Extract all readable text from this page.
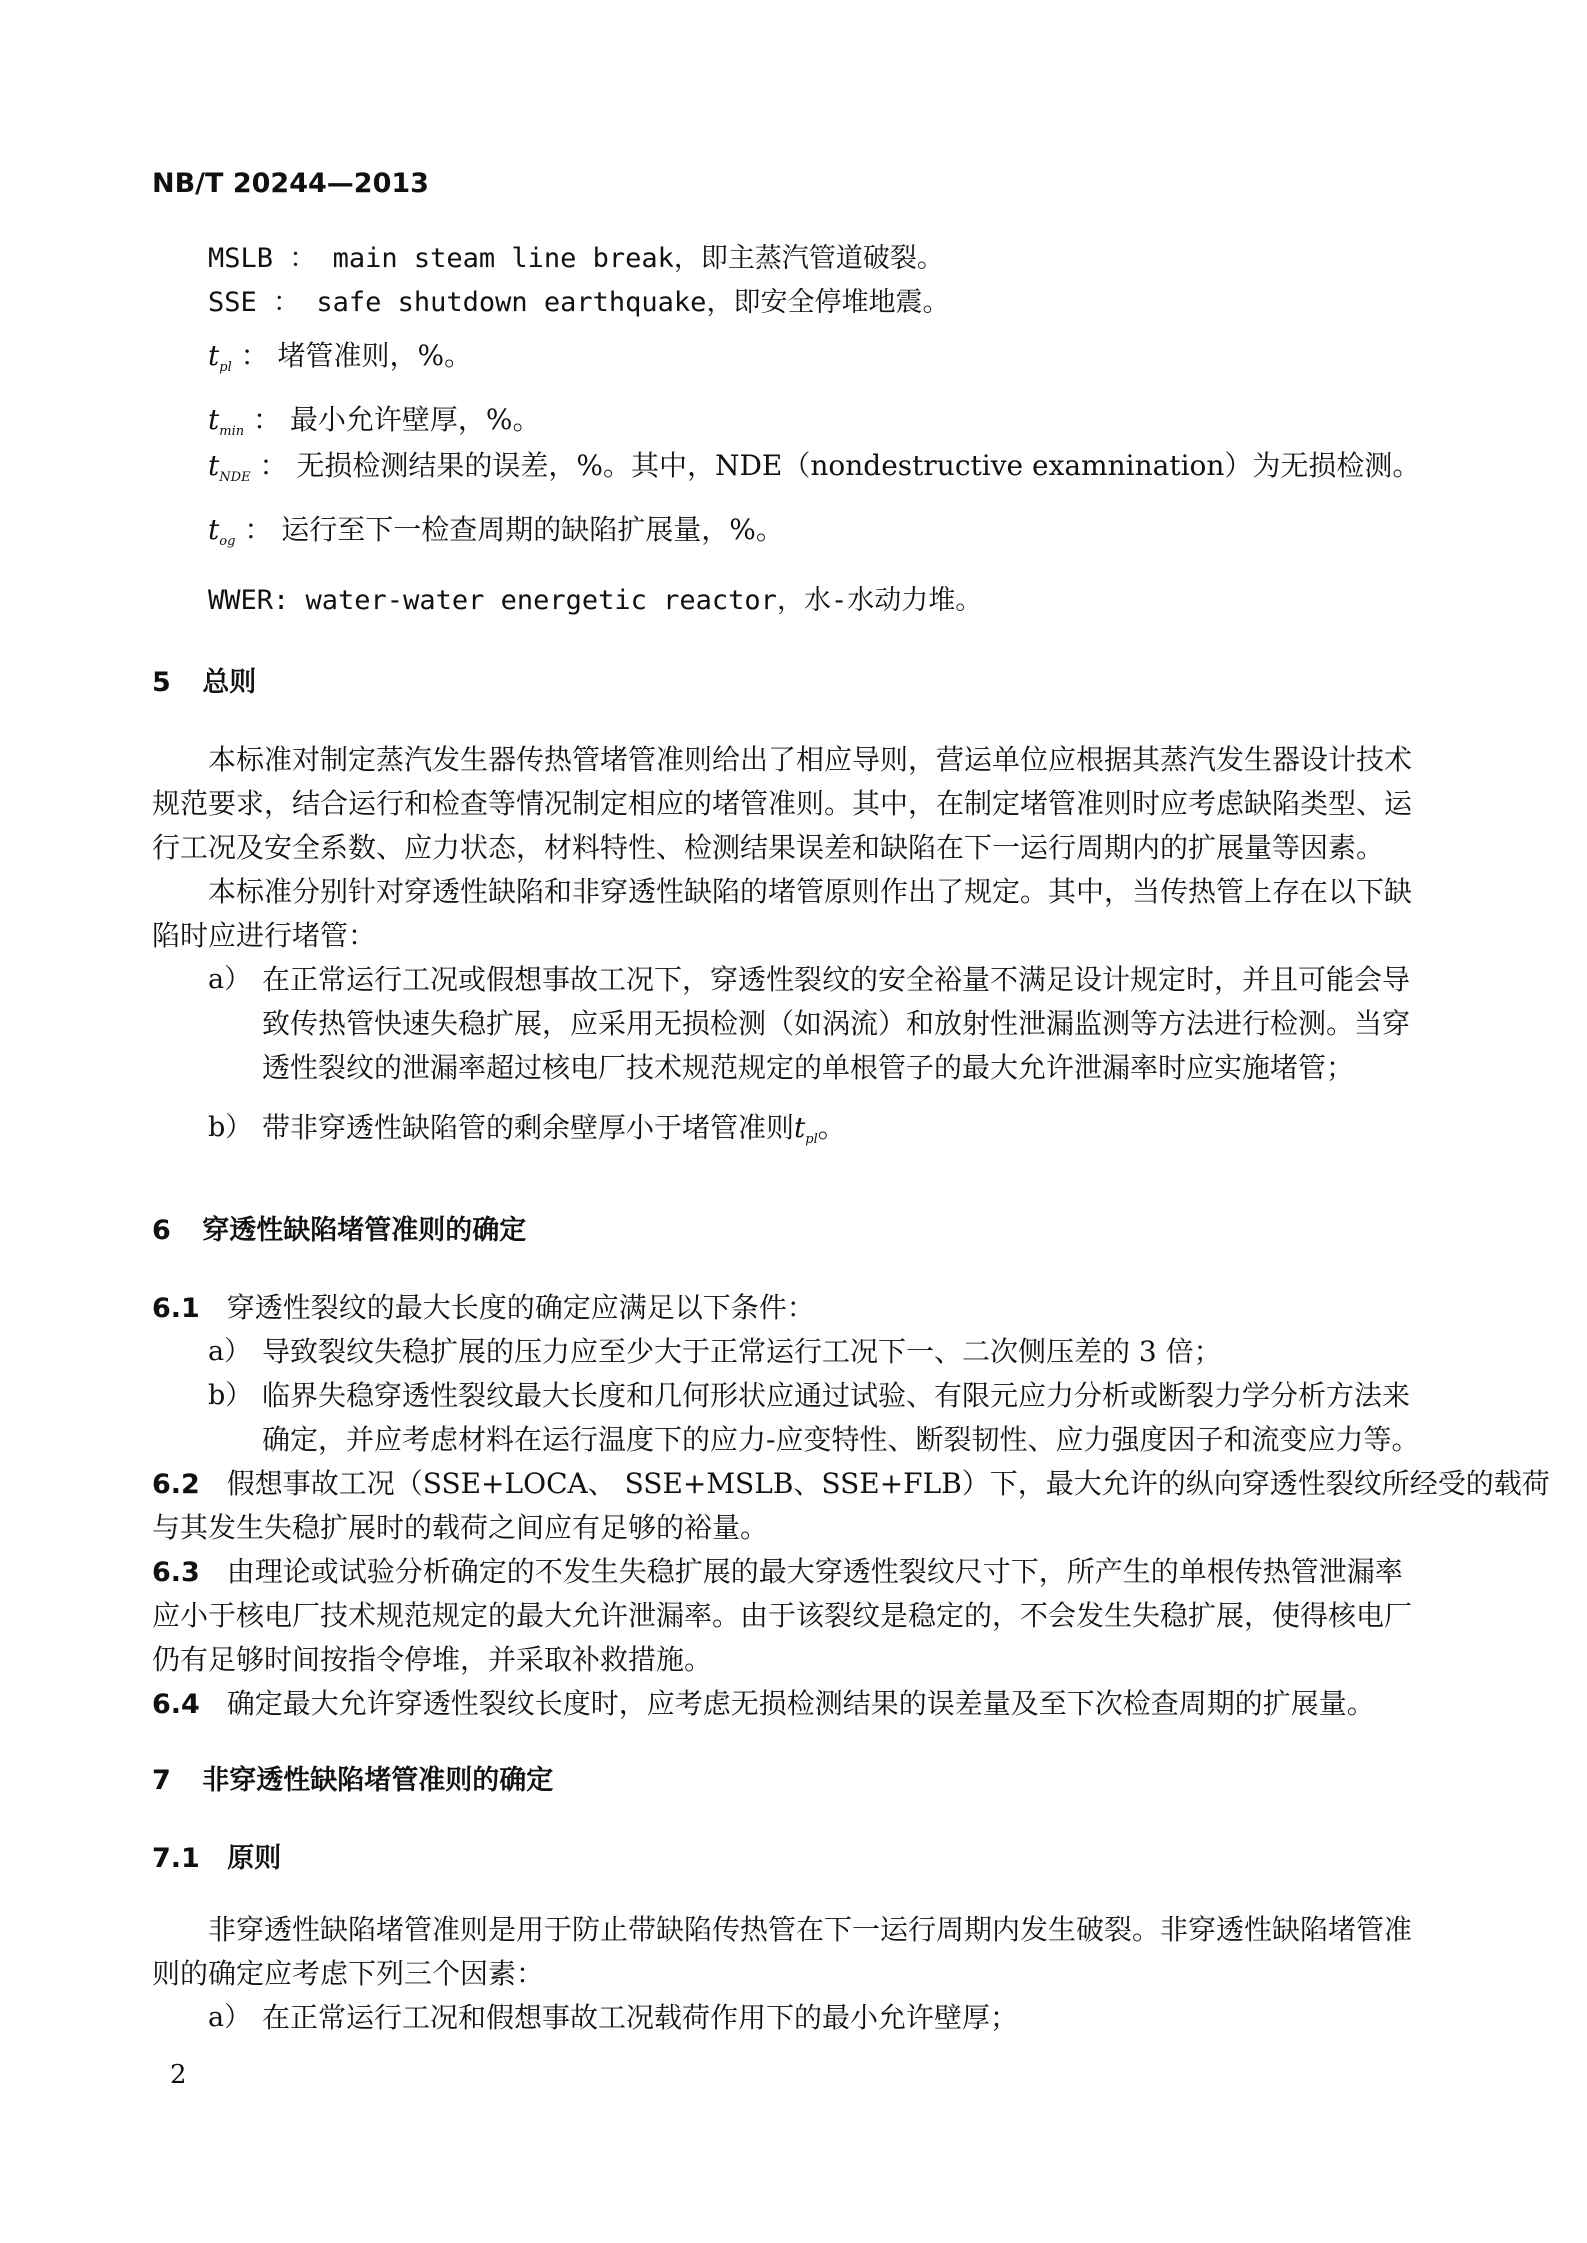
NB/T 20244—2013
MSLB ： main steam line break，即主蒸汽管道破裂。
SSE ： safe shutdown earthquake，即安全停堆地震。
$t_{pl}$ ： 堵管准则，%。
$t_{min}$ ： 最小允许壁厚，%。
$t_{NDE}$ ： 无损检测结果的误差，%。其中，NDE（nondestructive examnination）为无损检测。
$t_{og}$ ： 运行至下一检查周期的缺陷扩展量，%。
WWER: water-water energetic reactor，水-水动力堆。
5 总则
本标准对制定蒸汽发生器传热管堵管准则给出了相应导则，营运单位应根据其蒸汽发生器设计技术
规范要求，结合运行和检查等情况制定相应的堵管准则。其中，在制定堵管准则时应考虑缺陷类型、运
行工况及安全系数、应力状态，材料特性、检测结果误差和缺陷在下一运行周期内的扩展量等因素。
本标准分别针对穿透性缺陷和非穿透性缺陷的堵管原则作出了规定。其中，当传热管上存在以下缺
陷时应进行堵管：
a） 在正常运行工况或假想事故工况下，穿透性裂纹的安全裕量不满足设计规定时，并且可能会导
致传热管快速失稳扩展，应采用无损检测（如涡流）和放射性泄漏监测等方法进行检测。当穿
透性裂纹的泄漏率超过核电厂技术规范规定的单根管子的最大允许泄漏率时应实施堵管；
b） 带非穿透性缺陷管的剩余壁厚小于堵管准则$t_{pl}$。
6 穿透性缺陷堵管准则的确定
6.1 穿透性裂纹的最大长度的确定应满足以下条件：
a） 导致裂纹失稳扩展的压力应至少大于正常运行工况下一、二次侧压差的 3 倍；
b） 临界失稳穿透性裂纹最大长度和几何形状应通过试验、有限元应力分析或断裂力学分析方法来
确定，并应考虑材料在运行温度下的应力-应变特性、断裂韧性、应力强度因子和流变应力等。
6.2 假想事故工况（SSE+LOCA、 SSE+MSLB、SSE+FLB）下，最大允许的纵向穿透性裂纹所经受的载荷
与其发生失稳扩展时的载荷之间应有足够的裕量。
6.3 由理论或试验分析确定的不发生失稳扩展的最大穿透性裂纹尺寸下，所产生的单根传热管泄漏率
应小于核电厂技术规范规定的最大允许泄漏率。由于该裂纹是稳定的，不会发生失稳扩展，使得核电厂
仍有足够时间按指令停堆，并采取补救措施。
6.4 确定最大允许穿透性裂纹长度时，应考虑无损检测结果的误差量及至下次检查周期的扩展量。
7 非穿透性缺陷堵管准则的确定
7.1 原则
非穿透性缺陷堵管准则是用于防止带缺陷传热管在下一运行周期内发生破裂。非穿透性缺陷堵管准
则的确定应考虑下列三个因素：
a） 在正常运行工况和假想事故工况载荷作用下的最小允许壁厚；
2
